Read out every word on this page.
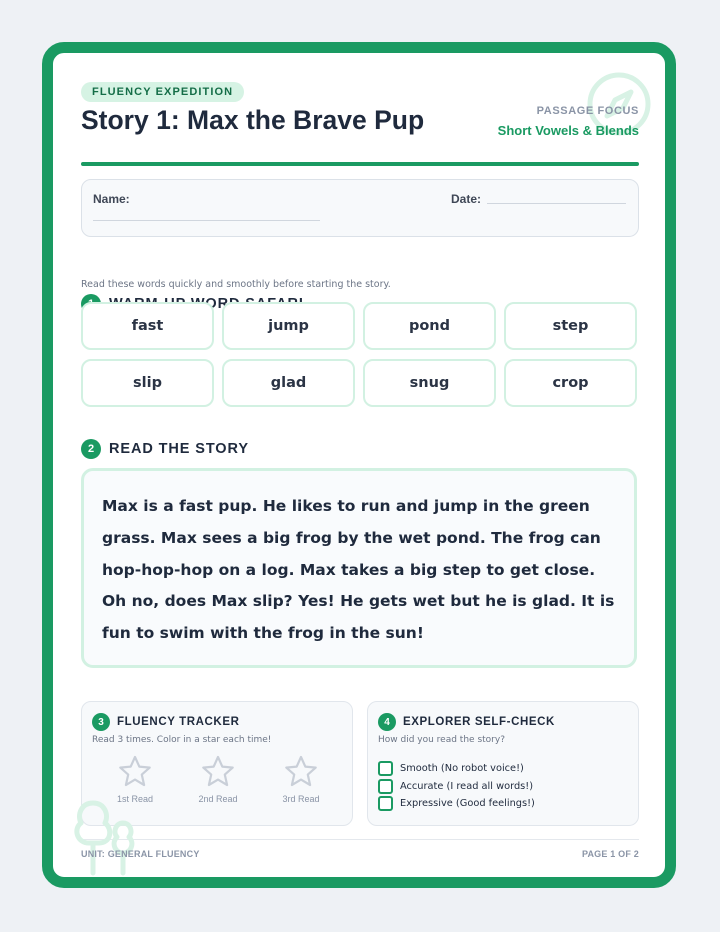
FLUENCY EXPEDITION
Story 1: Max the Brave Pup	PASSAGE FOCUS
Short Vowels & Blends
Name:	Date:
WORD
Read these words quickly and smoothly before starting the story.
fast	jump	pond	step
slip	glad	snug	crop
2	READ THE STORY

Max is a fast pup. He likes to run and jump in the green grass. Max sees a big frog by the wet pond. The frog can hop-hop-hop on a log. Max takes a big step to get close. Oh no, does Max slip? Yes! He gets wet but he is glad. It is fun to swim with the frog in the sun!

3	FLUENCY TRACKER
Read 3 times. Color in a star each time!
1st Read	2nd Read	3rd Read
4	EXPLORER SELF-CHECK
How did you read the story?
Smooth (No robot voice!)
Accurate (I read all words!)
Expressive (Good feelings!)
UNIT: GENERAL FLUENCY	PAGE 1 OF 2
